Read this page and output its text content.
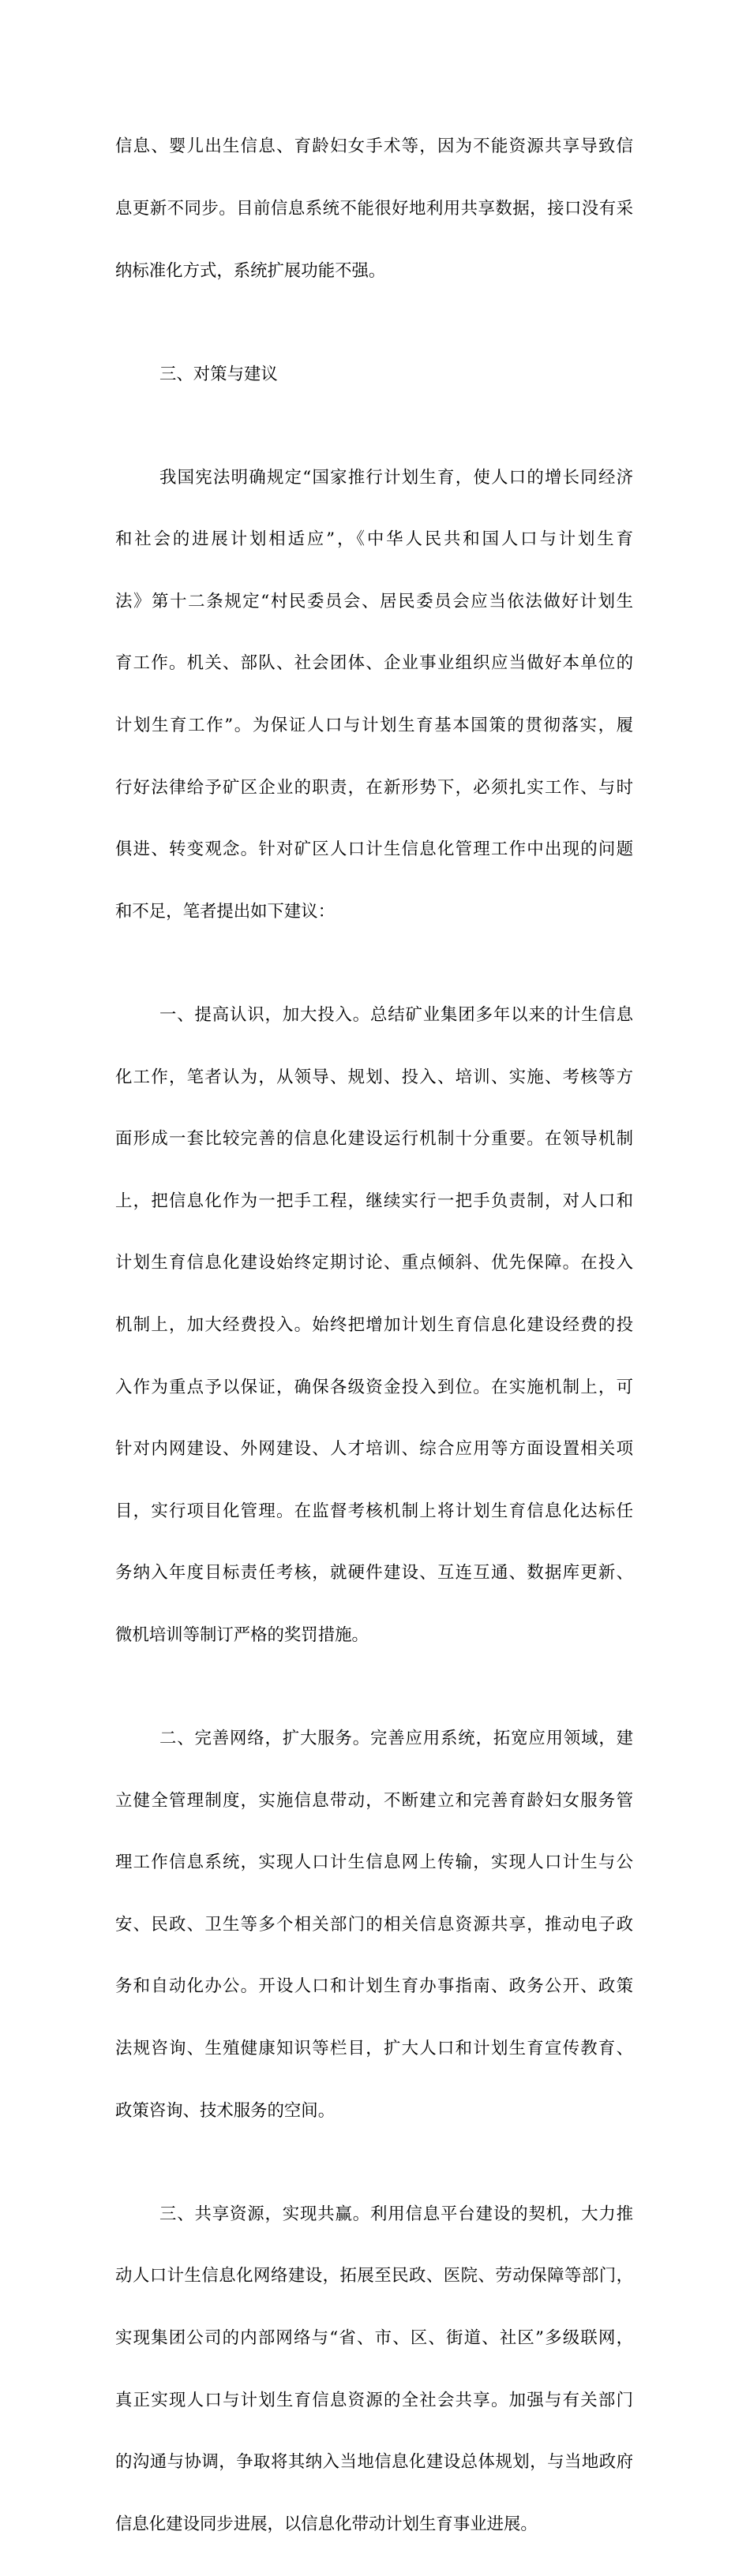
信息、婴儿出生信息、育龄妇女手术等，因为不能资源共享导致信

息更新不同步。目前信息系统不能很好地利用共享数据，接口没有采

纳标准化方式，系统扩展功能不强。

三、对策与建议

我国宪法明确规定“国家推行计划生育，使人口的增长同经济

和社会的进展计划相适应”，《中华人民共和国人口与计划生育

法》第十二条规定“村民委员会、居民委员会应当依法做好计划生

育工作。机关、部队、社会团体、企业事业组织应当做好本单位的

计划生育工作”。为保证人口与计划生育基本国策的贯彻落实，履

行好法律给予矿区企业的职责，在新形势下，必须扎实工作、与时

俱进、转变观念。针对矿区人口计生信息化管理工作中出现的问题

和不足，笔者提出如下建议：

一、提高认识，加大投入。总结矿业集团多年以来的计生信息

化工作，笔者认为，从领导、规划、投入、培训、实施、考核等方

面形成一套比较完善的信息化建设运行机制十分重要。在领导机制

上，把信息化作为一把手工程，继续实行一把手负责制，对人口和

计划生育信息化建设始终定期讨论、重点倾斜、优先保障。在投入

机制上，加大经费投入。始终把增加计划生育信息化建设经费的投

入作为重点予以保证，确保各级资金投入到位。在实施机制上，可

针对内网建设、外网建设、人才培训、综合应用等方面设置相关项

目，实行项目化管理。在监督考核机制上将计划生育信息化达标任

务纳入年度目标责任考核，就硬件建设、互连互通、数据库更新、

微机培训等制订严格的奖罚措施。

二、完善网络，扩大服务。完善应用系统，拓宽应用领域，建

立健全管理制度，实施信息带动，不断建立和完善育龄妇女服务管

理工作信息系统，实现人口计生信息网上传输，实现人口计生与公

安、民政、卫生等多个相关部门的相关信息资源共享，推动电子政

务和自动化办公。开设人口和计划生育办事指南、政务公开、政策

法规咨询、生殖健康知识等栏目，扩大人口和计划生育宣传教育、

政策咨询、技术服务的空间。

三、共享资源，实现共赢。利用信息平台建设的契机，大力推

动人口计生信息化网络建设，拓展至民政、医院、劳动保障等部门，

实现集团公司的内部网络与“省、市、区、街道、社区”多级联网，

真正实现人口与计划生育信息资源的全社会共享。加强与有关部门

的沟通与协调，争取将其纳入当地信息化建设总体规划，与当地政府

信息化建设同步进展，以信息化带动计划生育事业进展。
